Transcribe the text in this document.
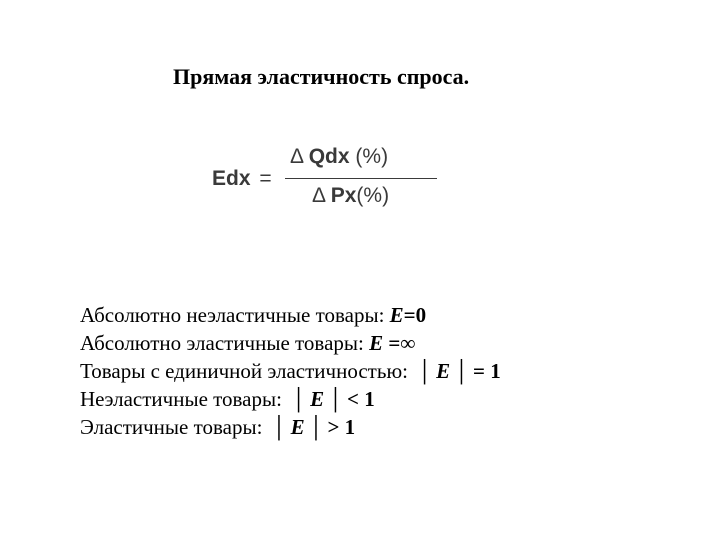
Прямая эластичность спроса.
Edx =
Δ Qdx (%)
Δ Px(%)
Абсолютно неэластичные товары: E=0
Абсолютно эластичные товары: E =∞
Товары с единичной эластичностью: │ E │ = 1
Неэластичные товары: │ E │ < 1
Эластичные товары: │ E │ > 1
